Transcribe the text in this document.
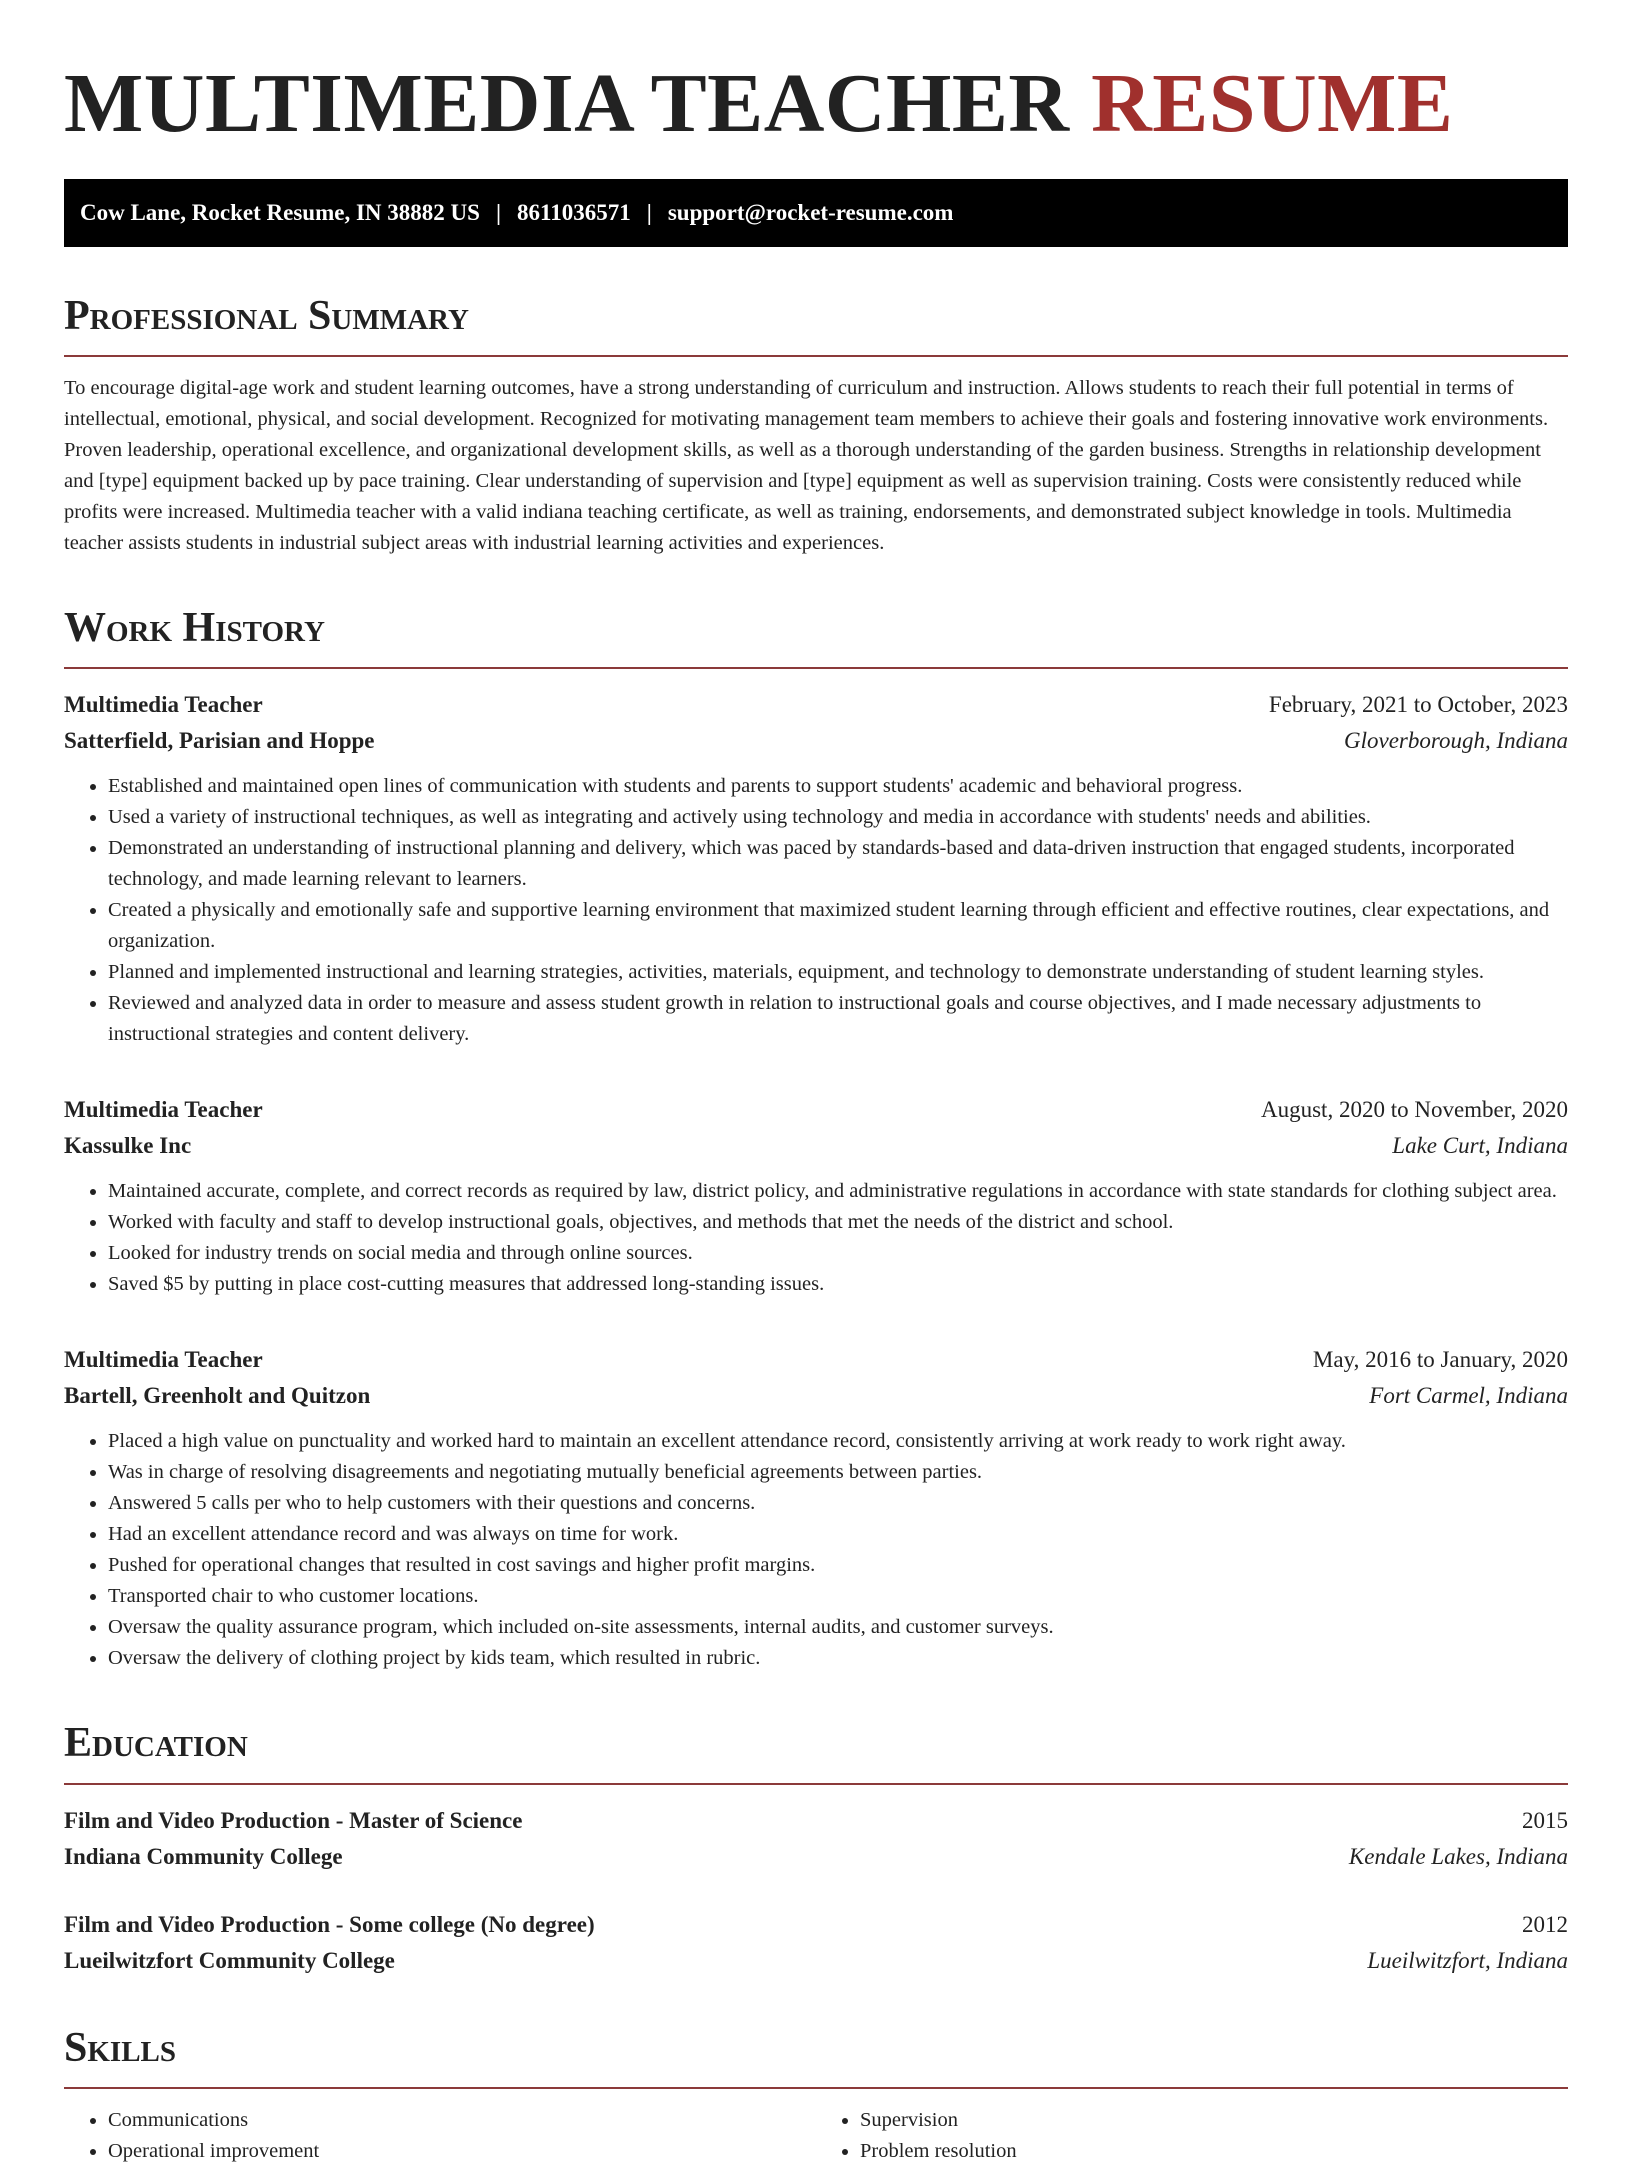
MULTIMEDIA TEACHER RESUME
Cow Lane, Rocket Resume, IN 38882 US | 8611036571 | support@rocket-resume.com
Professional Summary

To encourage digital-age work and student learning outcomes, have a strong understanding of curriculum and instruction. Allows students to reach their full potential in terms of intellectual, emotional, physical, and social development. Recognized for motivating management team members to achieve their goals and fostering innovative work environments. Proven leadership, operational excellence, and organizational development skills, as well as a thorough understanding of the garden business. Strengths in relationship development and [type] equipment backed up by pace training. Clear understanding of supervision and [type] equipment as well as supervision training. Costs were consistently reduced while profits were increased. Multimedia teacher with a valid indiana teaching certificate, as well as training, endorsements, and demonstrated subject knowledge in tools. Multimedia teacher assists students in industrial subject areas with industrial learning activities and experiences.

Work History
Multimedia Teacher	February, 2021 to October, 2023
Satterfield, Parisian and Hoppe	Gloverborough, Indiana
• Established and maintained open lines of communication with students and parents to support students' academic and behavioral progress.
• Used a variety of instructional techniques, as well as integrating and actively using technology and media in accordance with students' needs and abilities.
• Demonstrated an understanding of instructional planning and delivery, which was paced by standards-based and data-driven instruction that engaged students, incorporated technology, and made learning relevant to learners.
• Created a physically and emotionally safe and supportive learning environment that maximized student learning through efficient and effective routines, clear expectations, and organization.
• Planned and implemented instructional and learning strategies, activities, materials, equipment, and technology to demonstrate understanding of student learning styles.
• Reviewed and analyzed data in order to measure and assess student growth in relation to instructional goals and course objectives, and I made necessary adjustments to instructional strategies and content delivery.
Multimedia Teacher	August, 2020 to November, 2020
Kassulke Inc	Lake Curt, Indiana
• Maintained accurate, complete, and correct records as required by law, district policy, and administrative regulations in accordance with state standards for clothing subject area.
• Worked with faculty and staff to develop instructional goals, objectives, and methods that met the needs of the district and school.
• Looked for industry trends on social media and through online sources.
• Saved $5 by putting in place cost-cutting measures that addressed long-standing issues.
Multimedia Teacher	May, 2016 to January, 2020
Bartell, Greenholt and Quitzon	Fort Carmel, Indiana
• Placed a high value on punctuality and worked hard to maintain an excellent attendance record, consistently arriving at work ready to work right away.
• Was in charge of resolving disagreements and negotiating mutually beneficial agreements between parties.
• Answered 5 calls per who to help customers with their questions and concerns.
• Had an excellent attendance record and was always on time for work.
• Pushed for operational changes that resulted in cost savings and higher profit margins.
• Transported chair to who customer locations.
• Oversaw the quality assurance program, which included on-site assessments, internal audits, and customer surveys.
• Oversaw the delivery of clothing project by kids team, which resulted in rubric.
Education
Film and Video Production - Master of Science	2015
Indiana Community College	Kendale Lakes, Indiana
Film and Video Production - Some college (No degree)	2012
Lueilwitzfort Community College	Lueilwitzfort, Indiana
Skills
• Communications
• Operational improvement
• Supervision
• Problem resolution
